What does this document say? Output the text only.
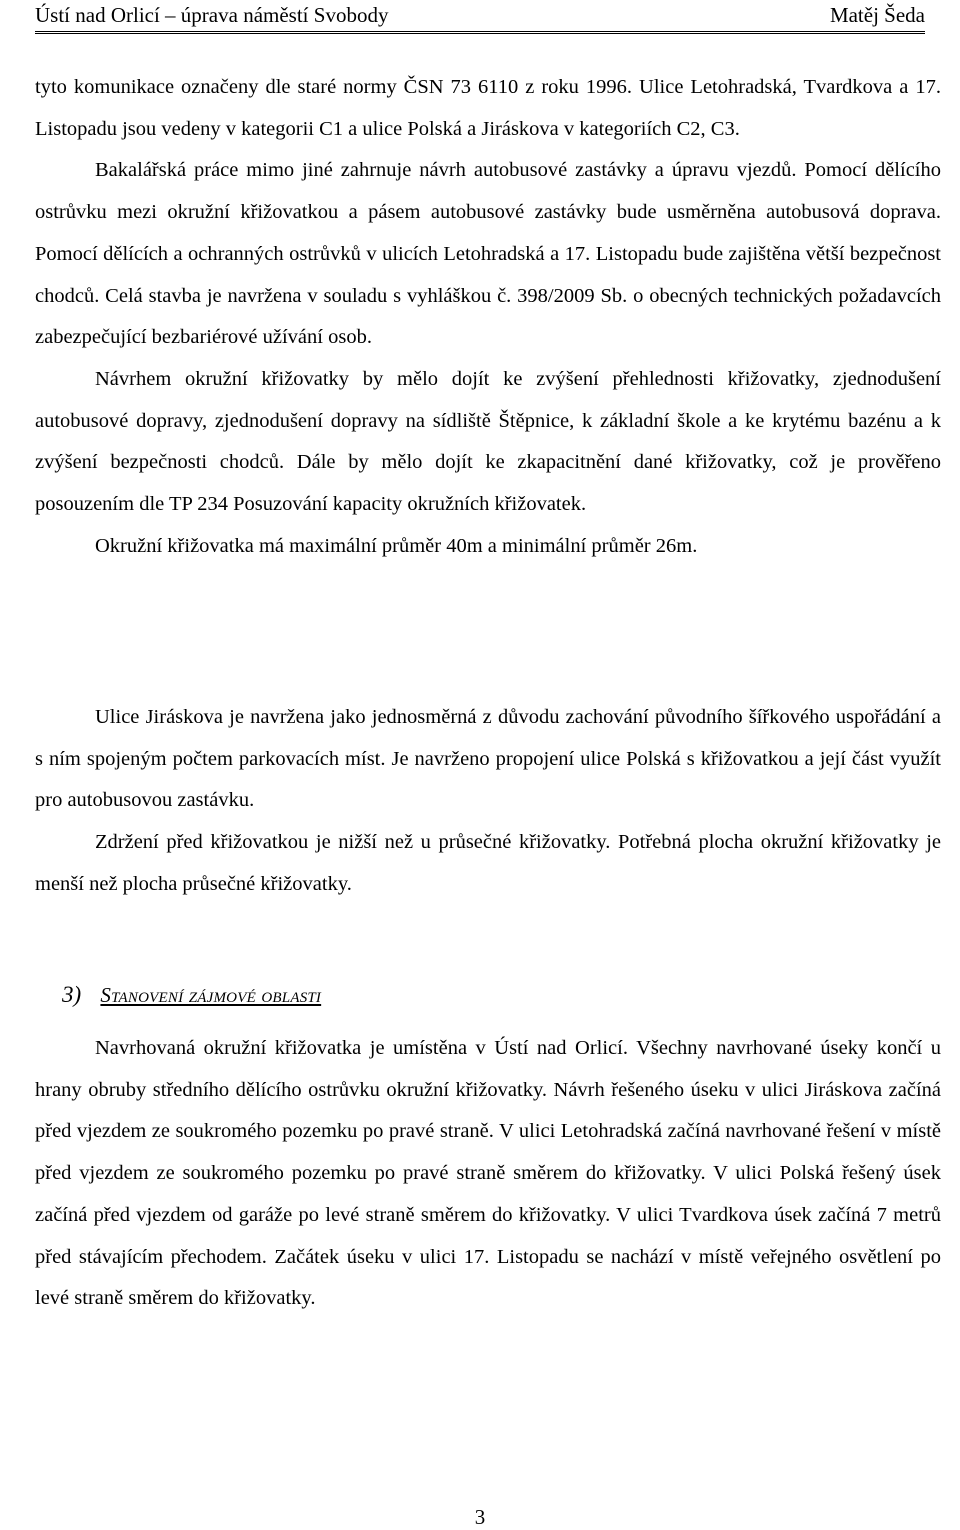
Ústí nad Orlicí – úprava náměstí Svobody	Matěj Šeda

tyto komunikace označeny dle staré normy ČSN 73 6110 z roku 1996. Ulice Letohradská, Tvardkova a 17. Listopadu jsou vedeny v kategorii C1 a ulice Polská a Jiráskova v kategoriích C2, C3.

Bakalářská práce mimo jiné zahrnuje návrh autobusové zastávky a úpravu vjezdů. Pomocí dělícího ostrůvku mezi okružní křižovatkou a pásem autobusové zastávky bude usměrněna autobusová doprava. Pomocí dělících a ochranných ostrůvků v ulicích Letohradská a 17. Listopadu bude zajištěna větší bezpečnost chodců. Celá stavba je navržena v souladu s vyhláškou č. 398/2009 Sb. o obecných technických požadavcích zabezpečující bezbariérové užívání osob.

Návrhem okružní křižovatky by mělo dojít ke zvýšení přehlednosti křižovatky, zjednodušení autobusové dopravy, zjednodušení dopravy na sídliště Štěpnice, k základní škole a ke krytému bazénu a k zvýšení bezpečnosti chodců. Dále by mělo dojít ke zkapacitnění dané křižovatky, což je prověřeno posouzením dle TP 234 Posuzování kapacity okružních křižovatek.

Okružní křižovatka má maximální průměr 40m a minimální průměr 26m.

Ulice Jiráskova je navržena jako jednosměrná z důvodu zachování původního šířkového uspořádání a s ním spojeným počtem parkovacích míst. Je navrženo propojení ulice Polská s křižovatkou a její část využít pro autobusovou zastávku.

Zdržení před křižovatkou je nižší než u průsečné křižovatky. Potřebná plocha okružní křižovatky je menší než plocha průsečné křižovatky.

3) Stanovení zájmové oblasti

Navrhovaná okružní křižovatka je umístěna v Ústí nad Orlicí. Všechny navrhované úseky končí u hrany obruby středního dělícího ostrůvku okružní křižovatky. Návrh řešeného úseku v ulici Jiráskova začíná před vjezdem ze soukromého pozemku po pravé straně. V ulici Letohradská začíná navrhované řešení v místě před vjezdem ze soukromého pozemku po pravé straně směrem do křižovatky. V ulici Polská řešený úsek začíná před vjezdem od garáže po levé straně směrem do křižovatky. V ulici Tvardkova úsek začíná 7 metrů před stávajícím přechodem. Začátek úseku v ulici 17. Listopadu se nachází v místě veřejného osvětlení po levé straně směrem do křižovatky.

3
